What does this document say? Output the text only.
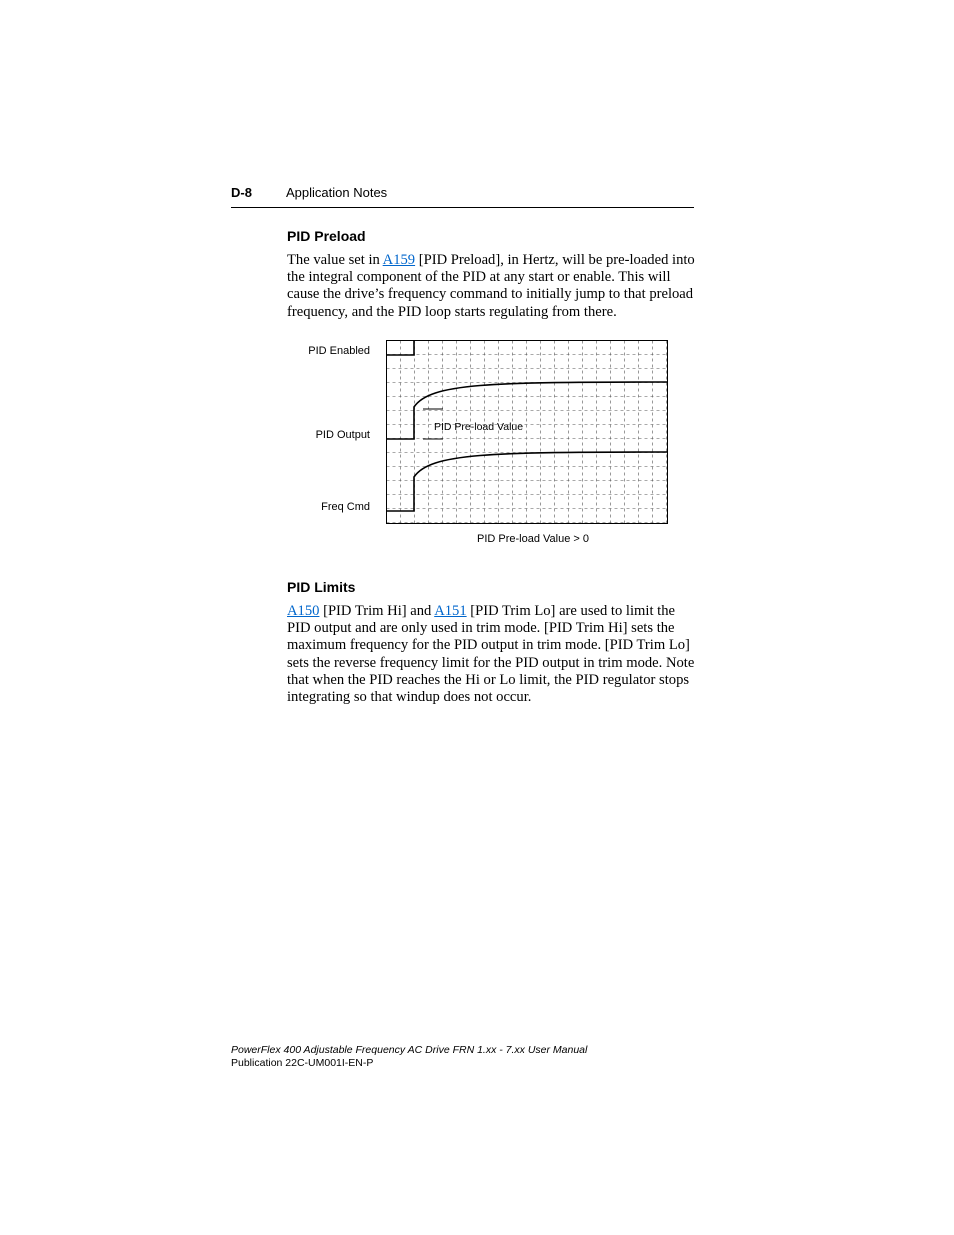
D-8	Application Notes
PID Preload

The value set in A159 [PID Preload], in Hertz, will be pre-loaded into the integral component of the PID at any start or enable. This will cause the drive’s frequency command to initially jump to that preload frequency, and the PID loop starts regulating from there.

PID Enabled
PID Output
Freq Cmd
PID Pre-load Value
PID Pre-load Value > 0
PID Limits

A150 [PID Trim Hi] and A151 [PID Trim Lo] are used to limit the PID output and are only used in trim mode. [PID Trim Hi] sets the maximum frequency for the PID output in trim mode. [PID Trim Lo] sets the reverse frequency limit for the PID output in trim mode. Note that when the PID reaches the Hi or Lo limit, the PID regulator stops integrating so that windup does not occur.

PowerFlex 400 Adjustable Frequency AC Drive FRN 1.xx - 7.xx User Manual
Publication 22C-UM001I-EN-P
